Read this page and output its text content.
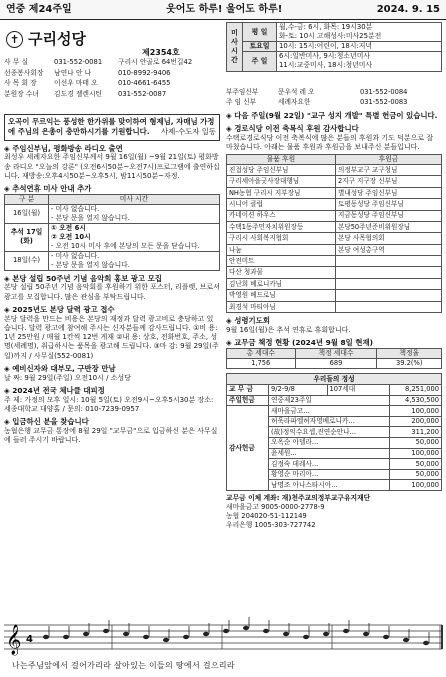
연중 제24주일	웃어도 하루! 울어도 하루!	2024. 9. 15
✝ 구리성당
제2354호
사 무 실	031-552-0081	구리시 안골로 64번길42
선종봉사회장	남연나 안 나	010-8992-9406
사 목 회 장	이선우 마태 오	010-4661-6455
분원장 수녀	김도경 젤렌시틴	031-552-0087
오곡이 무르익는 풍성한 한가위를 맞이하여 형제님, 자매님 가정에 주님의 은총이 충만하시기를 기원합니다. 사제-수도자 일동
◈ 주임신부님, 평화방송 라디오 출연

최성우 세례자요한 주임신부께서 9월 16일(월) ~9월 21일(토) 평화방송 라디오 "오늘의 강론" (오전6시50분~오전7시)프로그램에 출연하십니다. 재방송:오후4시50분~오후5시, 밤11시50분~자정.

◈ 추석연휴 미사 안내 추가
구 분	미사 시간
16일(월)	- 미사 없습니다.
- 본당 문을 열지 않습니다.

추석 17일(화)	① 오전 6시
② 오전 10시
- 오전 10시 미사 후에 본당의 모든 문을 닫습니다.

18일(수)	- 미사 없습니다.
- 본당 문을 열지 않습니다.
◈ 본당 설립 50주년 기념 음악회 홍보 광고 모집

본당 설립 50주년 기념 음악회를 후원하기 위한 포스터, 리플렛, 브로셔 광고를 모집합니다. 많은 관심을 부탁드립니다.

◈ 2025년도 본당 달력 광고 접수

본당 달력을 만드는 비용은 본당의 재정과 달력 광고비로 충당하고 있습니다. 달력 광고에 참여해 주시는 신자분들께 감사드립니다. ①비 용: 1년 25만원 / 매월 1칸씩 12번 게재 ②내 용: 상호, 전화번호, 주소, 성명(세례명), 취급하시는 품목을 광고해 드립니다. ③마 감: 9월 29일(주일)까지 / 사무실(552-0081)

◈ 예비신자와 대부모, 구반장 만남

날 짜: 9월 29일(주일) 오전10시 / 소성당

◈ 2024년 전국 체나클 대피정

주 제: 가정의 모후 일시: 10월 5일(토) 오전9시~오후5시30분 장소: 세종대학교 대양홀 / 문의: 010-7239-0957

◈ 입금하신 분을 찾습니다

농협은행 교무금 통장에 8월 29일 "교무금"으로 입금하신 분은 사무실에 들러 주시기 바랍니다.

미 사 시 간	평 일	월,수-금: 6시, 화목: 19시30분
화-토: 10시 고해성사:미사25분전

	토요일	10시: 15시:어린이, 18시:저녁
	주 일	6시:일반미사, 9시:청소년미사
11시:교중미사, 18시:청년미사
부주임신부	문우석 레 오	031-552-0084
주 임 신부	세례자요한	031-552-0083
◈ 다음 주일(9월 22일) "교구 성지 개발" 특별 헌금이 있습니다.
◈ 경로식당 이전 축복식 후원 감사합니다

수택로경로식당 이전 축복식에 많은 분들의 후원과 기도 덕분으로 잘 마쳤습니다. 아래는 물품 후원과 후원금을 보내주신 분들입니다.

물품 후원	후원금
진접성당 주임신부님	의정부교구 교구청님
구리세아을굿사장대행님	2지구 지구장 신부님
NH농협 구리시 지부장님	별내성당 주임신부님
시니어 클럽	토평동성당 주임신부님
카네이션 하우스	지금동성당 주임신부님
수택1동주민자치위원장등	본당50주년준비위원장님
구리시 사회복지협회	본당 사목협의회
나눔	본당 여성총구역
안전미트	
다산 청과물	
김난희 베로니카님	
박영원 베드로님	
최경석 마티아님	
◈ 성령기도회

9월 16일(월)은 추석 연휴로 휴회합니다.

◈ 교무금 책정 현황 (2024년 9월 8일 현재)
총 세대수	책정 세대수	책정율
1,756	689	39.2(%)
우리들의 정성			
교 무 금	9/2-9/8	107세대	8,251,000
주일헌금	연중제23주일		4,530,500
감사헌금	새마을금고...		100,000
	허욱라파엘허자영베로니카...		200,000
	(故)정익수요셉,진연순안나...		311,200
	오옥순 아델라...		50,000
	윤세원...		100,000
	김정숙 데레사...		50,000
	황영순 마리아...		50,000
	남명조 아나스타시아...		100,000
교무금 이체 계좌: 재)천주교의정부교구유지재단
새마을금고 9005-0000-2778-9
농협 204020-51-112149
우리은행 1005-303-727742
𝄞 4
나는주님앞에서 걸어가리라 살아있는 이들의 땅에서 걸으리라
